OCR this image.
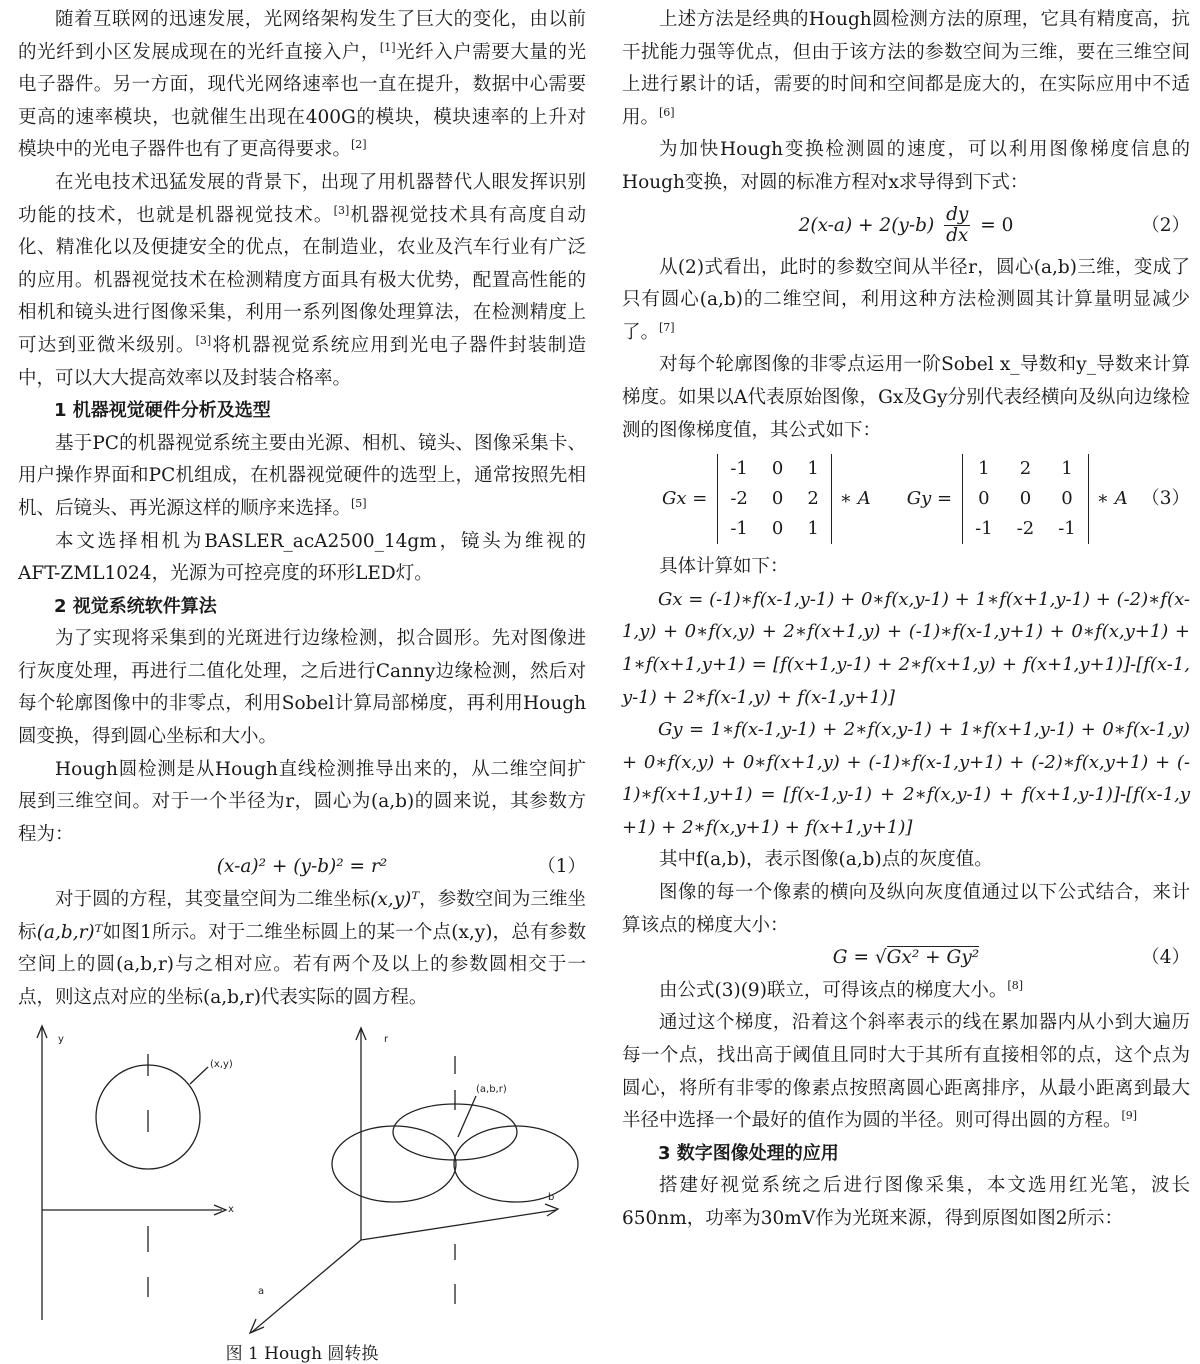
随着互联网的迅速发展，光网络架构发生了巨大的变化，由以前的光纤到小区发展成现在的光纤直接入户，[1]光纤入户需要大量的光电子器件。另一方面，现代光网络速率也一直在提升，数据中心需要更高的速率模块，也就催生出现在400G的模块，模块速率的上升对模块中的光电子器件也有了更高得要求。[2]

在光电技术迅猛发展的背景下，出现了用机器替代人眼发挥识别功能的技术，也就是机器视觉技术。[3]机器视觉技术具有高度自动化、精准化以及便捷安全的优点，在制造业，农业及汽车行业有广泛的应用。机器视觉技术在检测精度方面具有极大优势，配置高性能的相机和镜头进行图像采集，利用一系列图像处理算法，在检测精度上可达到亚微米级别。[3]将机器视觉系统应用到光电子器件封装制造中，可以大大提高效率以及封装合格率。

1 机器视觉硬件分析及选型

基于PC的机器视觉系统主要由光源、相机、镜头、图像采集卡、用户操作界面和PC机组成，在机器视觉硬件的选型上，通常按照先相机、后镜头、再光源这样的顺序来选择。[5]

本文选择相机为BASLER_acA2500_14gm，镜头为维视的AFT-ZML1024，光源为可控亮度的环形LED灯。

2 视觉系统软件算法

为了实现将采集到的光斑进行边缘检测，拟合圆形。先对图像进行灰度处理，再进行二值化处理，之后进行Canny边缘检测，然后对每个轮廓图像中的非零点，利用Sobel计算局部梯度，再利用Hough圆变换，得到圆心坐标和大小。

Hough圆检测是从Hough直线检测推导出来的，从二维空间扩展到三维空间。对于一个半径为r，圆心为(a,b)的圆来说，其参数方程为：

(x-a)² + (y-b)² = r²	（1）

对于圆的方程，其变量空间为二维坐标(x,y)ᵀ，参数空间为三维坐标(a,b,r)ᵀ如图1所示。对于二维坐标圆上的某一个点(x,y)，总有参数空间上的圆(a,b,r)与之相对应。若有两个及以上的参数圆相交于一点，则这点对应的坐标(a,b,r)代表实际的圆方程。

y
x
(x,y)
r
b
a
(a,b,r)
图 1 Hough 圆转换

上述方法是经典的Hough圆检测方法的原理，它具有精度高，抗干扰能力强等优点，但由于该方法的参数空间为三维，要在三维空间上进行累计的话，需要的时间和空间都是庞大的，在实际应用中不适用。[6]

为加快Hough变换检测圆的速度，可以利用图像梯度信息的Hough变换，对圆的标准方程对x求导得到下式：

$2(x-a) + 2(y-b) \frac{dy}{dx} = 0$	（2）

从(2)式看出，此时的参数空间从半径r，圆心(a,b)三维，变成了只有圆心(a,b)的二维空间，利用这种方法检测圆其计算量明显减少了。[7]

对每个轮廓图像的非零点运用一阶Sobel x_导数和y_导数来计算梯度。如果以A代表原始图像，Gx及Gy分别代表经横向及纵向边缘检测的图像梯度值，其公式如下：

Gx =
-1	0	1
-2	0	2
-1	0	1
∗ A Gy =
1	2	1
0	0	0
-1	-2	-1
∗ A （3）

具体计算如下：

Gx = (-1)∗f(x-1,y-1) + 0∗f(x,y-1) + 1∗f(x+1,y-1) + (-2)∗f(x-1,y) + 0∗f(x,y) + 2∗f(x+1,y) + (-1)∗f(x-1,y+1) + 0∗f(x,y+1) + 1∗f(x+1,y+1) = [f(x+1,y-1) + 2∗f(x+1,y) + f(x+1,y+1)]-[f(x-1,y-1) + 2∗f(x-1,y) + f(x-1,y+1)]

Gy = 1∗f(x-1,y-1) + 2∗f(x,y-1) + 1∗f(x+1,y-1) + 0∗f(x-1,y) + 0∗f(x,y) + 0∗f(x+1,y) + (-1)∗f(x-1,y+1) + (-2)∗f(x,y+1) + (-1)∗f(x+1,y+1) = [f(x-1,y-1) + 2∗f(x,y-1) + f(x+1,y-1)]-[f(x-1,y+1) + 2∗f(x,y+1) + f(x+1,y+1)]

其中f(a,b)，表示图像(a,b)点的灰度值。

图像的每一个像素的横向及纵向灰度值通过以下公式结合，来计算该点的梯度大小：

G = √Gx² + Gy²	（4）

由公式(3)(9)联立，可得该点的梯度大小。[8]

通过这个梯度，沿着这个斜率表示的线在累加器内从小到大遍历每一个点，找出高于阈值且同时大于其所有直接相邻的点，这个点为圆心，将所有非零的像素点按照离圆心距离排序，从最小距离到最大半径中选择一个最好的值作为圆的半径。则可得出圆的方程。[9]

3 数字图像处理的应用

搭建好视觉系统之后进行图像采集，本文选用红光笔，波长650nm，功率为30mV作为光斑来源，得到原图如图2所示：
